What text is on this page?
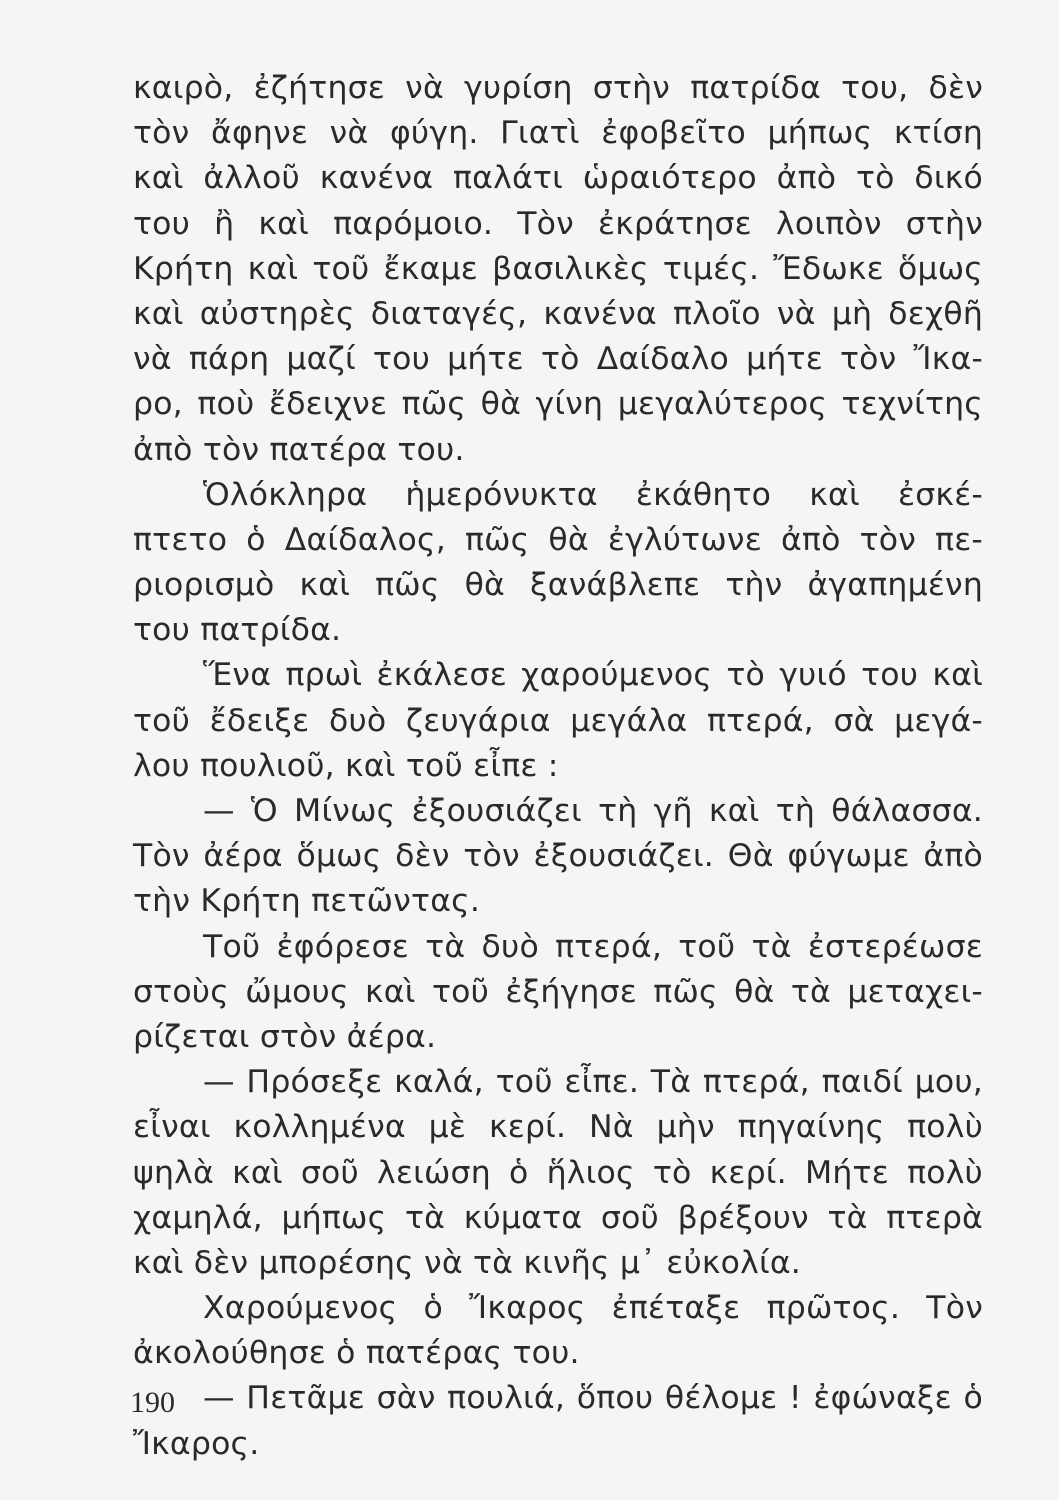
καιρὸ, ἐζήτησε νὰ γυρίση στὴν πατρίδα του, δὲν
τὸν ἄφηνε νὰ φύγη. Γιατὶ ἐφοβεῖτο μήπως κτίση
καὶ ἀλλοῦ κανένα παλάτι ὡραιότερο ἀπὸ τὸ δικό
του ἢ καὶ παρόμοιο. Τὸν ἐκράτησε λοιπὸν στὴν
Κρήτη καὶ τοῦ ἔκαμε βασιλικὲς τιμές. Ἔδωκε ὅμως
καὶ αὐστηρὲς διαταγές, κανένα πλοῖο νὰ μὴ δεχθῆ
νὰ πάρη μαζί του μήτε τὸ Δαίδαλο μήτε τὸν Ἴκα-
ρο, ποὺ ἔδειχνε πῶς θὰ γίνη μεγαλύτερος τεχνίτης
ἀπὸ τὸν πατέρα του.
Ὁλόκληρα ἡμερόνυκτα ἐκάθητο καὶ ἐσκέ-
πτετο ὁ Δαίδαλος, πῶς θὰ ἐγλύτωνε ἀπὸ τὸν πε-
ριορισμὸ καὶ πῶς θὰ ξανάβλεπε τὴν ἀγαπημένη
του πατρίδα.
Ἕνα πρωὶ ἐκάλεσε χαρούμενος τὸ γυιό του καὶ
τοῦ ἔδειξε δυὸ ζευγάρια μεγάλα πτερά, σὰ μεγά-
λου πουλιοῦ, καὶ τοῦ εἶπε :
— Ὁ Μίνως ἐξουσιάζει τὴ γῆ καὶ τὴ θάλασσα.
Τὸν ἀέρα ὅμως δὲν τὸν ἐξουσιάζει. Θὰ φύγωμε ἀπὸ
τὴν Κρήτη πετῶντας.
Τοῦ ἐφόρεσε τὰ δυὸ πτερά, τοῦ τὰ ἐστερέωσε
στοὺς ὤμους καὶ τοῦ ἐξήγησε πῶς θὰ τὰ μεταχει-
ρίζεται στὸν ἀέρα.
— Πρόσεξε καλά, τοῦ εἶπε. Τὰ πτερά, παιδί μου,
εἶναι κολλημένα μὲ κερί. Νὰ μὴν πηγαίνης πολὺ
ψηλὰ καὶ σοῦ λειώση ὁ ἥλιος τὸ κερί. Μήτε πολὺ
χαμηλά, μήπως τὰ κύματα σοῦ βρέξουν τὰ πτερὰ
καὶ δὲν μπορέσης νὰ τὰ κινῆς μ᾿ εὐκολία.
Χαρούμενος ὁ Ἴκαρος ἐπέταξε πρῶτος. Τὸν
ἀκολούθησε ὁ πατέρας του.
— Πετᾶμε σὰν πουλιά, ὅπου θέλομε ! ἐφώναξε ὁ
Ἴκαρος.
190
